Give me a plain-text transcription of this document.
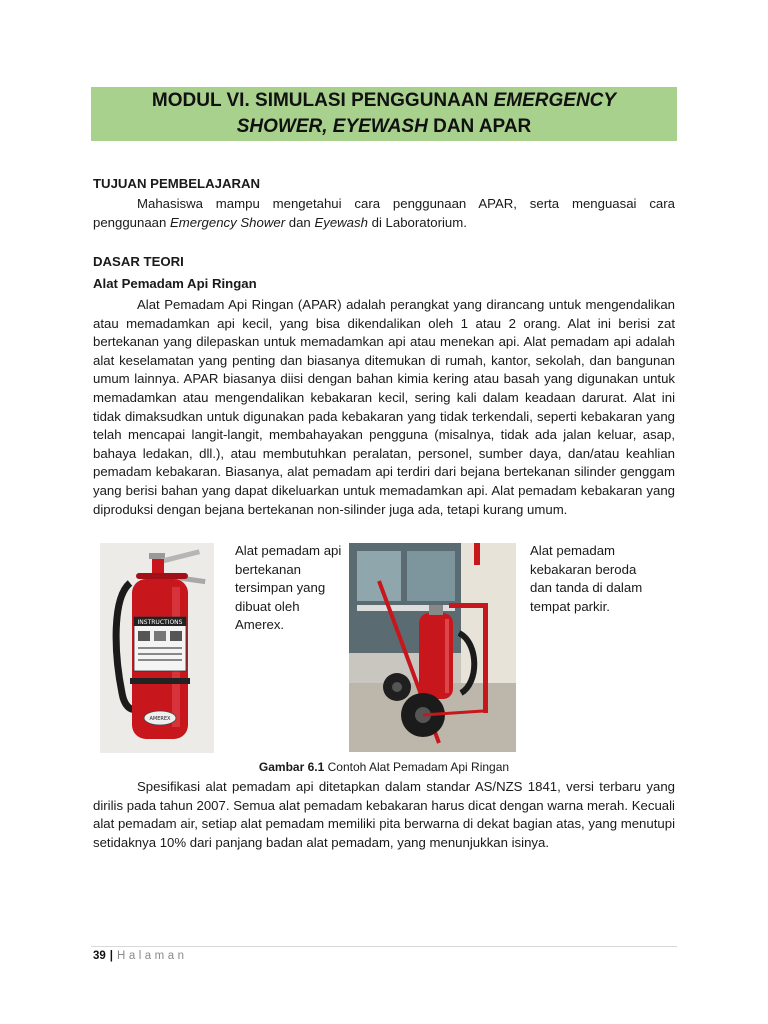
MODUL VI. SIMULASI PENGGUNAAN EMERGENCY
SHOWER, EYEWASH DAN APAR
TUJUAN PEMBELAJARAN
Mahasiswa mampu mengetahui cara penggunaan APAR, serta menguasai cara penggunaan Emergency Shower dan Eyewash di Laboratorium.
DASAR TEORI
Alat Pemadam Api Ringan
Alat Pemadam Api Ringan (APAR) adalah perangkat yang dirancang untuk mengendalikan atau memadamkan api kecil, yang bisa dikendalikan oleh 1 atau 2 orang. Alat ini berisi zat bertekanan yang dilepaskan untuk memadamkan api atau menekan api. Alat pemadam api adalah alat keselamatan yang penting dan biasanya ditemukan di rumah, kantor, sekolah, dan bangunan umum lainnya. APAR biasanya diisi dengan bahan kimia kering atau basah yang digunakan untuk memadamkan atau mengendalikan kebakaran kecil, sering kali dalam keadaan darurat. Alat ini tidak dimaksudkan untuk digunakan pada kebakaran yang tidak terkendali, seperti kebakaran yang telah mencapai langit-langit, membahayakan pengguna (misalnya, tidak ada jalan keluar, asap, bahaya ledakan, dll.), atau membutuhkan peralatan, personel, sumber daya, dan/atau keahlian pemadam kebakaran. Biasanya, alat pemadam api terdiri dari bejana bertekanan silinder genggam yang berisi bahan yang dapat dikeluarkan untuk memadamkan api. Alat pemadam kebakaran yang diproduksi dengan bejana bertekanan non-silinder juga ada, tetapi kurang umum.
INSTRUCTIONS
AMEREX
Alat pemadam api bertekanan tersimpan yang dibuat oleh Amerex.
Alat pemadam kebakaran beroda dan tanda di dalam tempat parkir.
Gambar 6.1 Contoh Alat Pemadam Api Ringan
Spesifikasi alat pemadam api ditetapkan dalam standar AS/NZS 1841, versi terbaru yang dirilis pada tahun 2007. Semua alat pemadam kebakaran harus dicat dengan warna merah. Kecuali alat pemadam air, setiap alat pemadam memiliki pita berwarna di dekat bagian atas, yang menutupi setidaknya 10% dari panjang badan alat pemadam, yang menunjukkan isinya.
39 | Halaman
